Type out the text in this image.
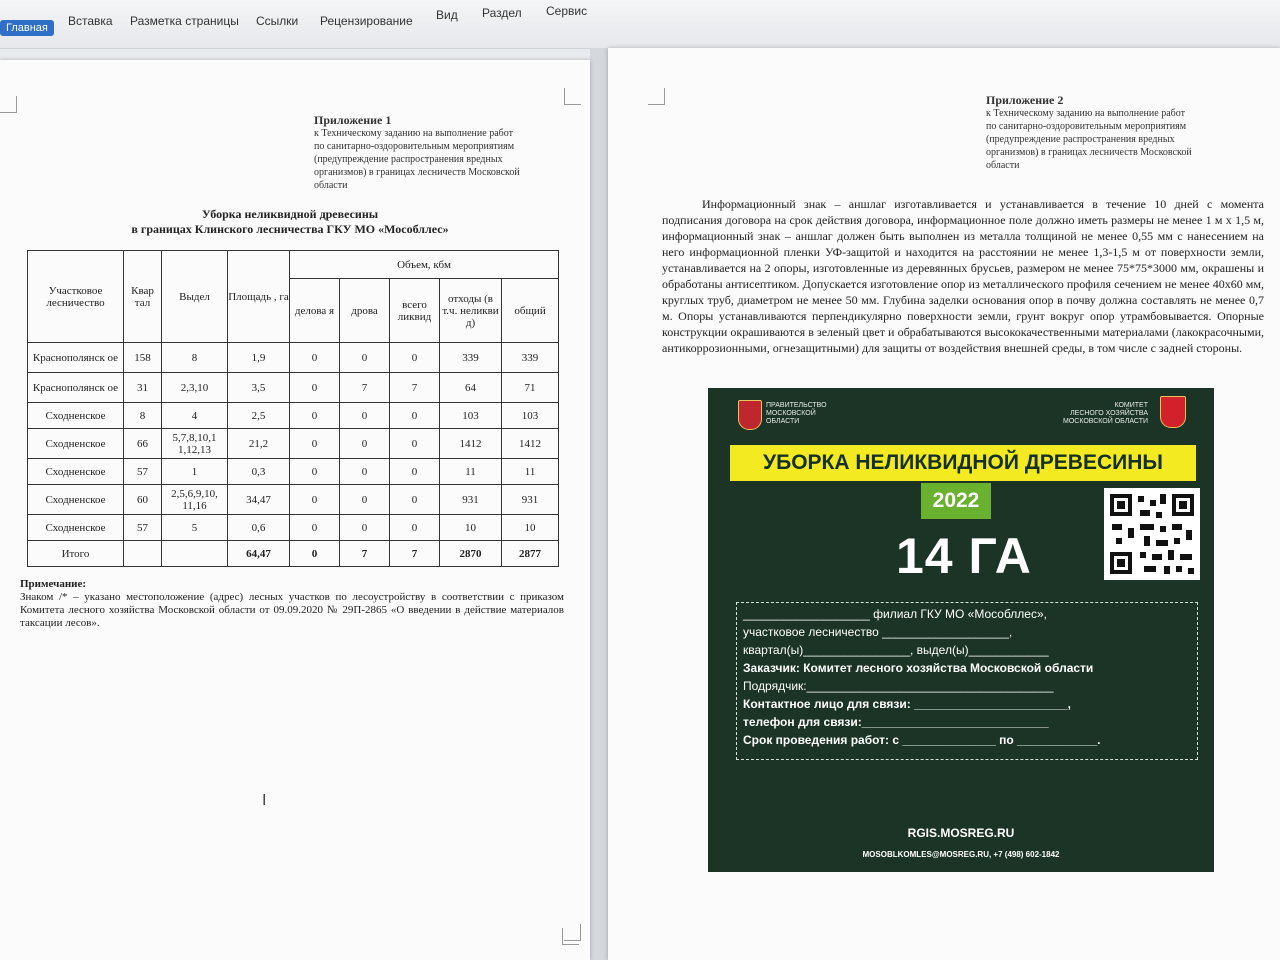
Главная	Вставка Разметка страницы Ссылки Рецензирование Вид Раздел Сервис
Приложение 1
к Техническому заданию на выполнение работ
по санитарно-оздоровительным мероприятиям
(предупреждение распространения вредных
организмов) в границах лесничеств Московской
области
Уборка неликвидной древесины
в границах Клинского лесничества ГКУ МО «Мособллес»
Участковое лесничество	Квар тал	Выдел	Площадь , га	Объем, кбм				
				делова я	дрова	всего ликвид	отходы (в т.ч. неликви д)	общий
Краснополянск ое	158	8	1,9	0	0	0	339	339
Краснополянск ое	31	2,3,10	3,5	0	7	7	64	71
Сходненское	8	4	2,5	0	0	0	103	103
Сходненское	66	5,7,8,10,1 1,12,13	21,2	0	0	0	1412	1412
Сходненское	57	1	0,3	0	0	0	11	11
Сходненское	60	2,5,6,9,10, 11,16	34,47	0	0	0	931	931
Сходненское	57	5	0,6	0	0	0	10	10
Итого			64,47	0	7	7	2870	2877
Примечание:
Знаком /* – указано местоположение (адрес) лесных участков по лесоустройству в соответствии с приказом Комитета лесного хозяйства Московской области от 09.09.2020 № 29П-2865 «О введении в действие материалов таксации лесов».
I
Приложение 2
к Техническому заданию на выполнение работ
по санитарно-оздоровительным мероприятиям
(предупреждение распространения вредных
организмов) в границах лесничеств Московской
области
Информационный знак – аншлаг изготавливается и устанавливается в течение 10 дней с момента подписания договора на срок действия договора, информационное поле должно иметь размеры не менее 1 м х 1,5 м, информационный знак – аншлаг должен быть выполнен из металла толщиной не менее 0,55 мм с нанесением на него информационной пленки УФ-защитой и находится на расстоянии не менее 1,3-1,5 м от поверхности земли, устанавливается на 2 опоры, изготовленные из деревянных брусьев, размером не менее 75*75*3000 мм, окрашены и обработаны антисептиком. Допускается изготовление опор из металлического профиля сечением не менее 40х60 мм, круглых труб, диаметром не менее 50 мм. Глубина заделки основания опор в почву должна составлять не менее 0,7 м. Опоры устанавливаются перпендикулярно поверхности земли, грунт вокруг опор утрамбовывается. Опорные конструкции окрашиваются в зеленый цвет и обрабатываются высококачественными материалами (лакокрасочными, антикоррозионными, огнезащитными) для защиты от воздействия внешней среды, в том числе с задней стороны.
ПРАВИТЕЛЬСТВО
МОСКОВСКОЙ
ОБЛАСТИ
КОМИТЕТ
ЛЕСНОГО ХОЗЯЙСТВА
МОСКОВСКОЙ ОБЛАСТИ
УБОРКА НЕЛИКВИДНОЙ ДРЕВЕСИНЫ
2022
14 ГА
___________________ филиал ГКУ МО «Мособллес»,
участковое лесничество ___________________,
квартал(ы)________________, выдел(ы)____________
Заказчик: Комитет лесного хозяйства Московской области
Подрядчик:_____________________________________
Контактное лицо для связи: _______________________,
телефон для связи:____________________________
Срок проведения работ: с ______________ по ____________.
RGIS.MOSREG.RU
MOSOBLKOMLES@MOSREG.RU, +7 (498) 602-1842
